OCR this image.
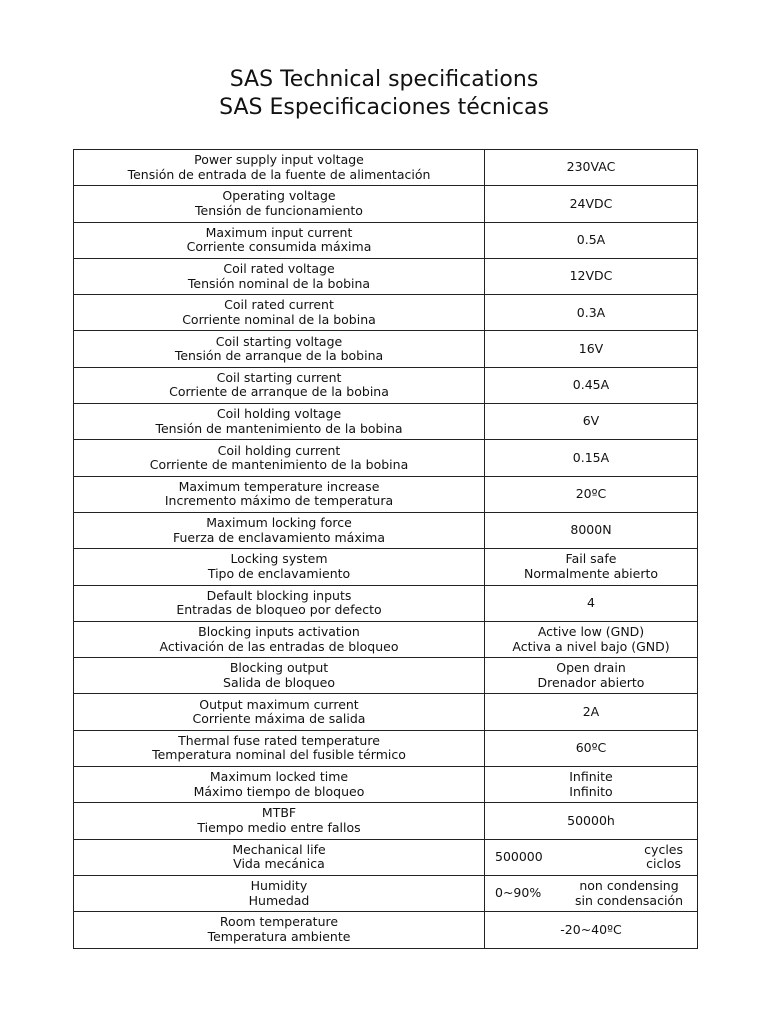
SAS Technical specifications
SAS Especificaciones técnicas
Power supply input voltage
Tensión de entrada de la fuente de alimentación	230VAC

Operating voltage
Tensión de funcionamiento	24VDC

Maximum input current
Corriente consumida máxima	0.5A

Coil rated voltage
Tensión nominal de la bobina	12VDC

Coil rated current
Corriente nominal de la bobina	0.3A

Coil starting voltage
Tensión de arranque de la bobina	16V

Coil starting current
Corriente de arranque de la bobina	0.45A

Coil holding voltage
Tensión de mantenimiento de la bobina	6V

Coil holding current
Corriente de mantenimiento de la bobina	0.15A

Maximum temperature increase
Incremento máximo de temperatura	20ºC

Maximum locking force
Fuerza de enclavamiento máxima	8000N

Locking system
Tipo de enclavamiento	Fail safe
Normalmente abierto

Default blocking inputs
Entradas de bloqueo por defecto	4

Blocking inputs activation
Activación de las entradas de bloqueo	Active low (GND)
Activa a nivel bajo (GND)

Blocking output
Salida de bloqueo	Open drain
Drenador abierto

Output maximum current
Corriente máxima de salida	2A

Thermal fuse rated temperature
Temperatura nominal del fusible térmico	60ºC

Maximum locked time
Máximo tiempo de bloqueo	Infinite
Infinito

MTBF
Tiempo medio entre fallos	50000h

Mechanical life
Vida mecánica	500000 cycles
ciclos

Humidity
Humedad	0~90% non condensing
sin condensación

Room temperature
Temperatura ambiente	-20~40ºC
